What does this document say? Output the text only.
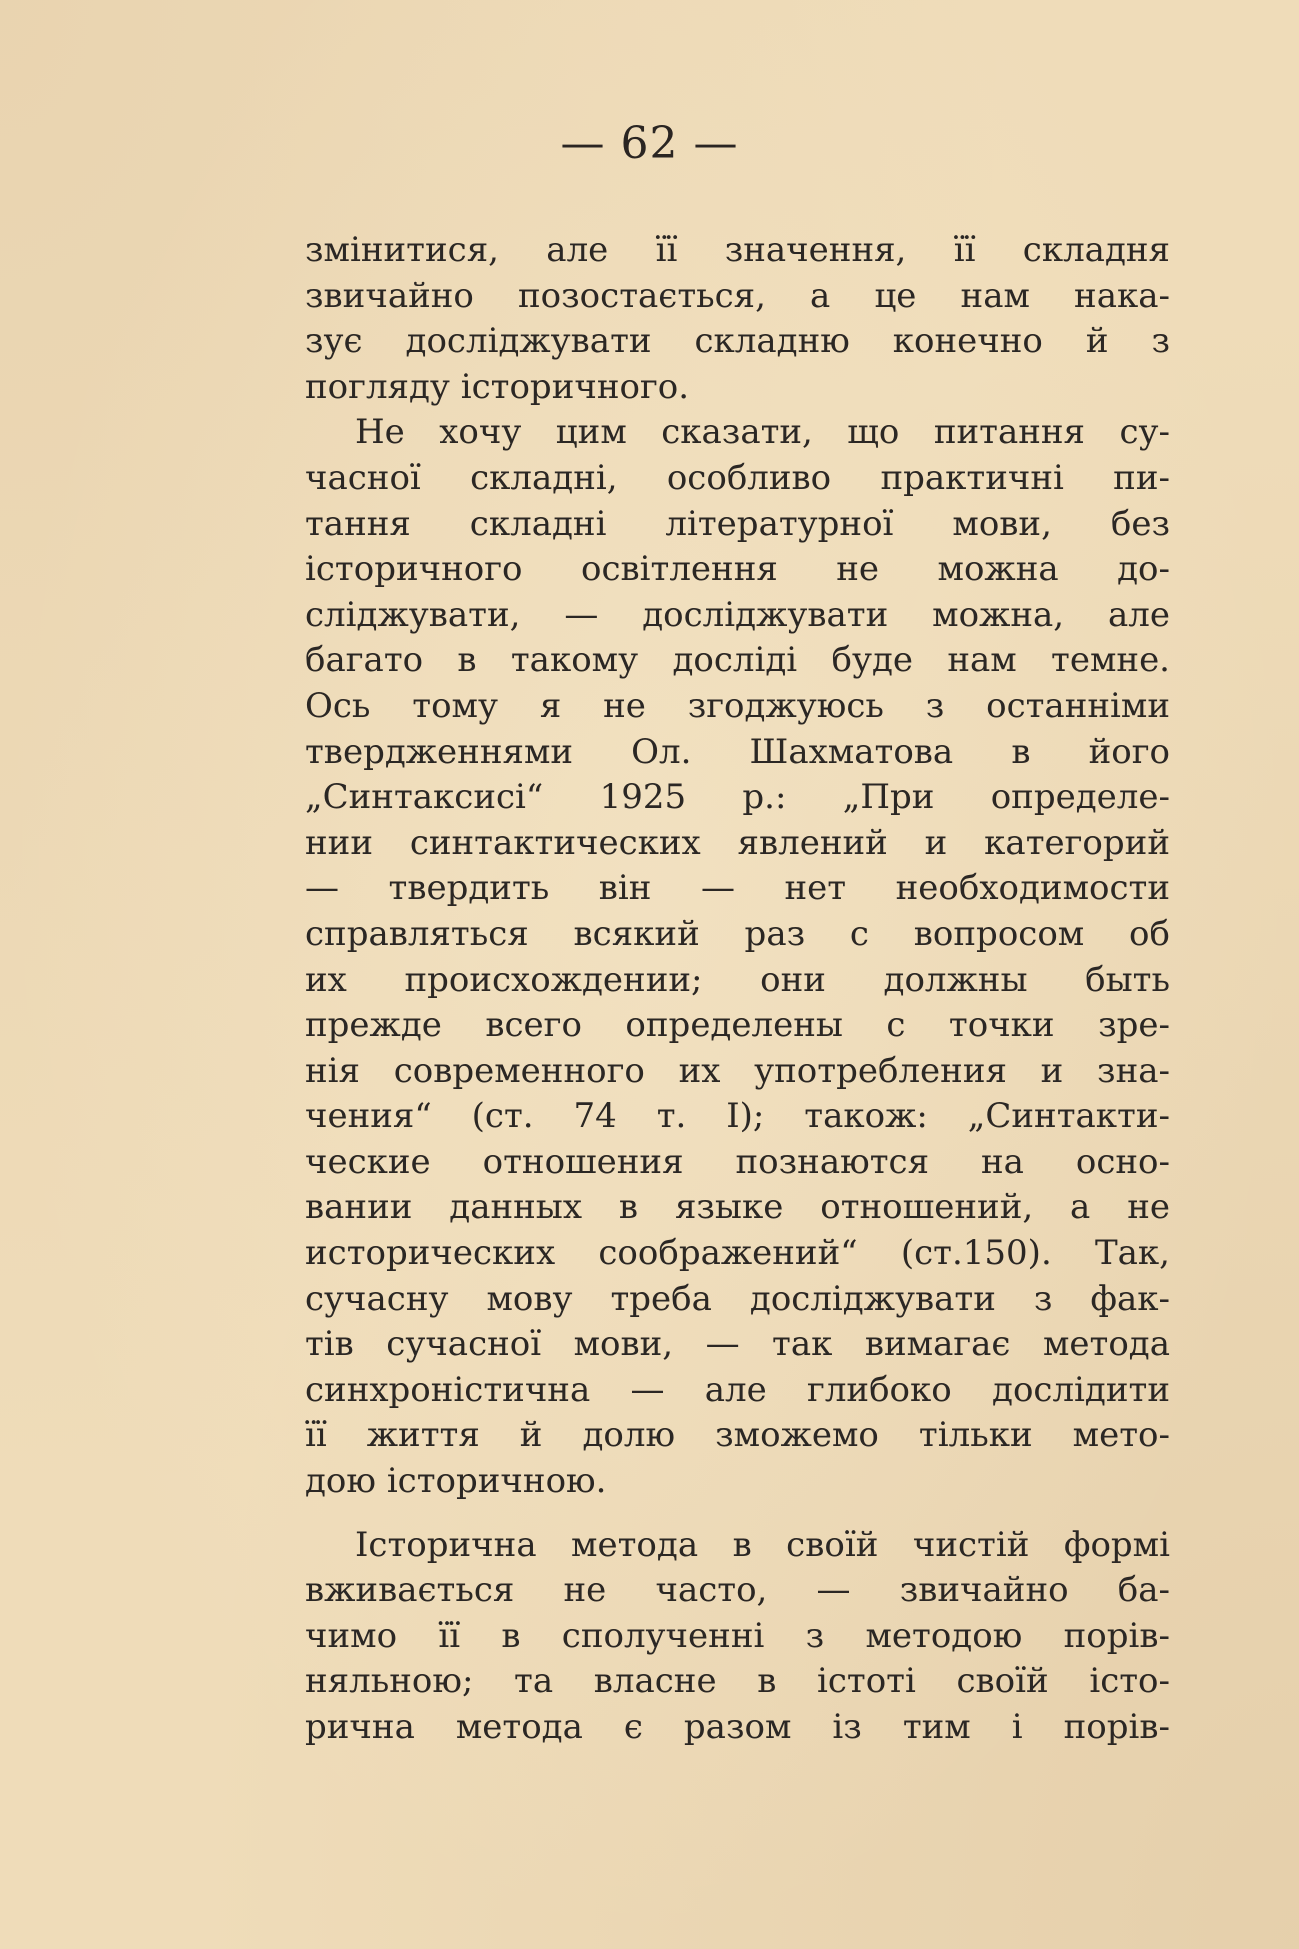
— 62 —
змінитися, але її значення, її складня
звичайно позостається, а це нам нака-
зує досліджувати складню конечно й з
погляду історичного.
Не хочу цим сказати, що питання су-
часної складні, особливо практичні пи-
тання складні літературної мови, без
історичного освітлення не можна до-
сліджувати, — досліджувати можна, але
багато в такому досліді буде нам темне.
Ось тому я не згоджуюсь з останніми
твердженнями Ол. Шахматова в його
„Синтаксисі“ 1925 р.: „При определе-
нии синтактических явлений и категорий
— твердить він — нет необходимости
справляться всякий раз с вопросом об
их происхождении; они должны быть
прежде всего определены с точки зре-
нія современного их употребления и зна-
чения“ (ст. 74 т. І); також: „Синтакти-
ческие отношения познаются на осно-
вании данных в языке отношений, а не
исторических соображений“ (ст.150). Так,
сучасну мову треба досліджувати з фак-
тів сучасної мови, — так вимагає метода
синхроністична — але глибоко дослідити
її життя й долю зможемо тільки мето-
дою історичною.
Історична метода в своїй чистій формі
вживається не часто, — звичайно ба-
чимо її в сполученні з методою порів-
няльною; та власне в істоті своїй істо-
рична метода є разом із тим і порів-
